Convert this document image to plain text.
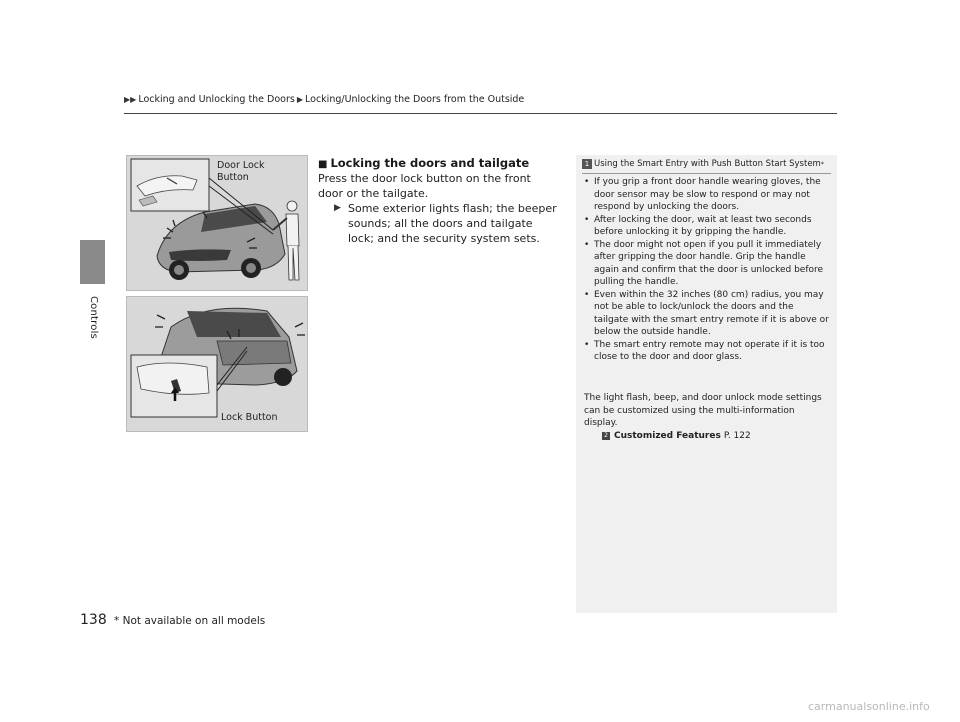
Controls
▶▶ Locking and Unlocking the Doors ▶ Locking/Unlocking the Doors from the Outside
Door Lock
Button
Lock Button
■ Locking the doors and tailgate
Press the door lock button on the front door or the tailgate.
▶ Some exterior lights flash; the beeper sounds; all the doors and tailgate lock; and the security system sets.
1 Using the Smart Entry with Push Button Start System *
• If you grip a front door handle wearing gloves, the door sensor may be slow to respond or may not respond by unlocking the doors.
• After locking the door, wait at least two seconds before unlocking it by gripping the handle.
• The door might not open if you pull it immediately after gripping the door handle. Grip the handle again and confirm that the door is unlocked before pulling the handle.
• Even within the 32 inches (80 cm) radius, you may not be able to lock/unlock the doors and the tailgate with the smart entry remote if it is above or below the outside handle.
• The smart entry remote may not operate if it is too close to the door and door glass.
The light flash, beep, and door unlock mode settings can be customized using the multi-information display.
2 Customized Features P. 122
138 * Not available on all models
carmanualsonline.info
